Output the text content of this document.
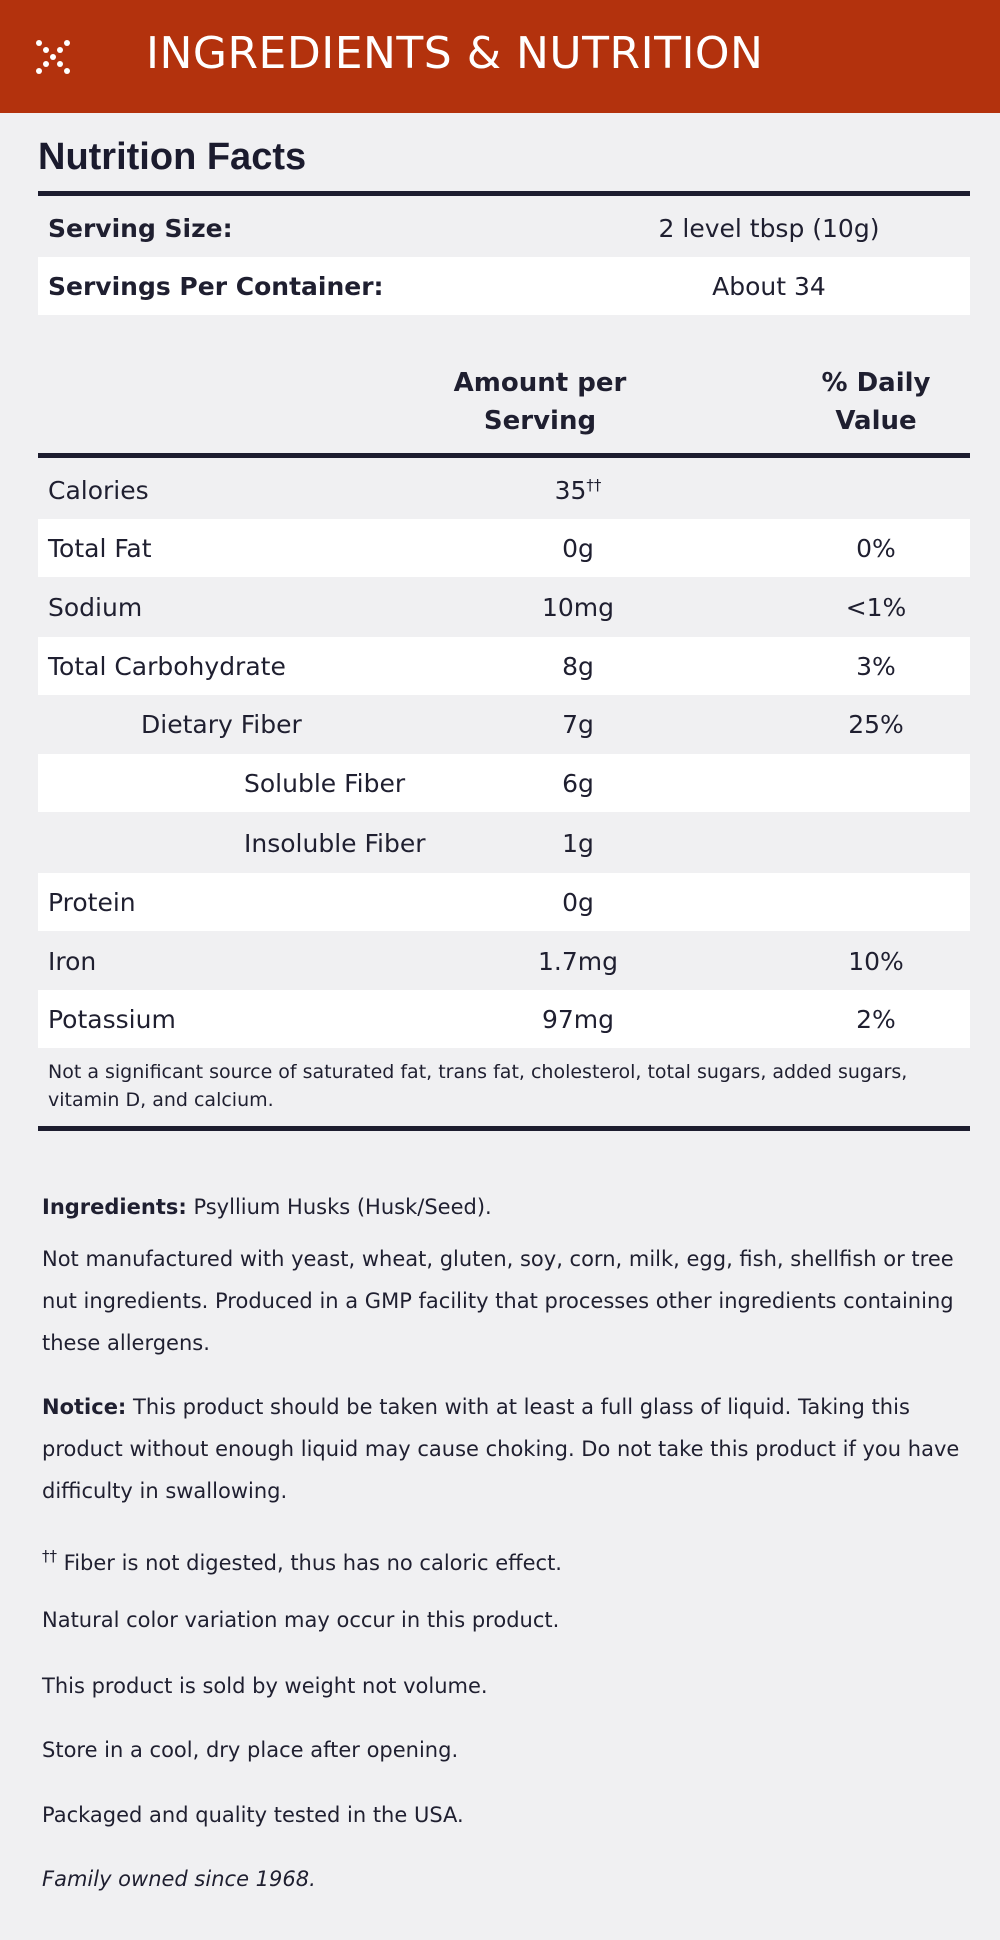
INGREDIENTS & NUTRITION
Nutrition Facts
Serving Size:	2 level tbsp (10g)
Servings Per Container:	About 34
Amount per
Serving
% Daily
Value
Calories	35††
Total Fat	0g	0%
Sodium	10mg	<1%
Total Carbohydrate	8g	3%
Dietary Fiber	7g	25%
Soluble Fiber	6g
Insoluble Fiber	1g
Protein	0g
Iron	1.7mg	10%
Potassium	97mg	2%
Not a significant source of saturated fat, trans fat, cholesterol, total sugars, added sugars, vitamin D, and calcium.

Ingredients: Psyllium Husks (Husk/Seed).

Not manufactured with yeast, wheat, gluten, soy, corn, milk, egg, fish, shellfish or tree nut ingredients. Produced in a GMP facility that processes other ingredients containing these allergens.

Notice: This product should be taken with at least a full glass of liquid. Taking this product without enough liquid may cause choking. Do not take this product if you have difficulty in swallowing.

†† Fiber is not digested, thus has no caloric effect.

Natural color variation may occur in this product.

This product is sold by weight not volume.

Store in a cool, dry place after opening.

Packaged and quality tested in the USA.

Family owned since 1968.
